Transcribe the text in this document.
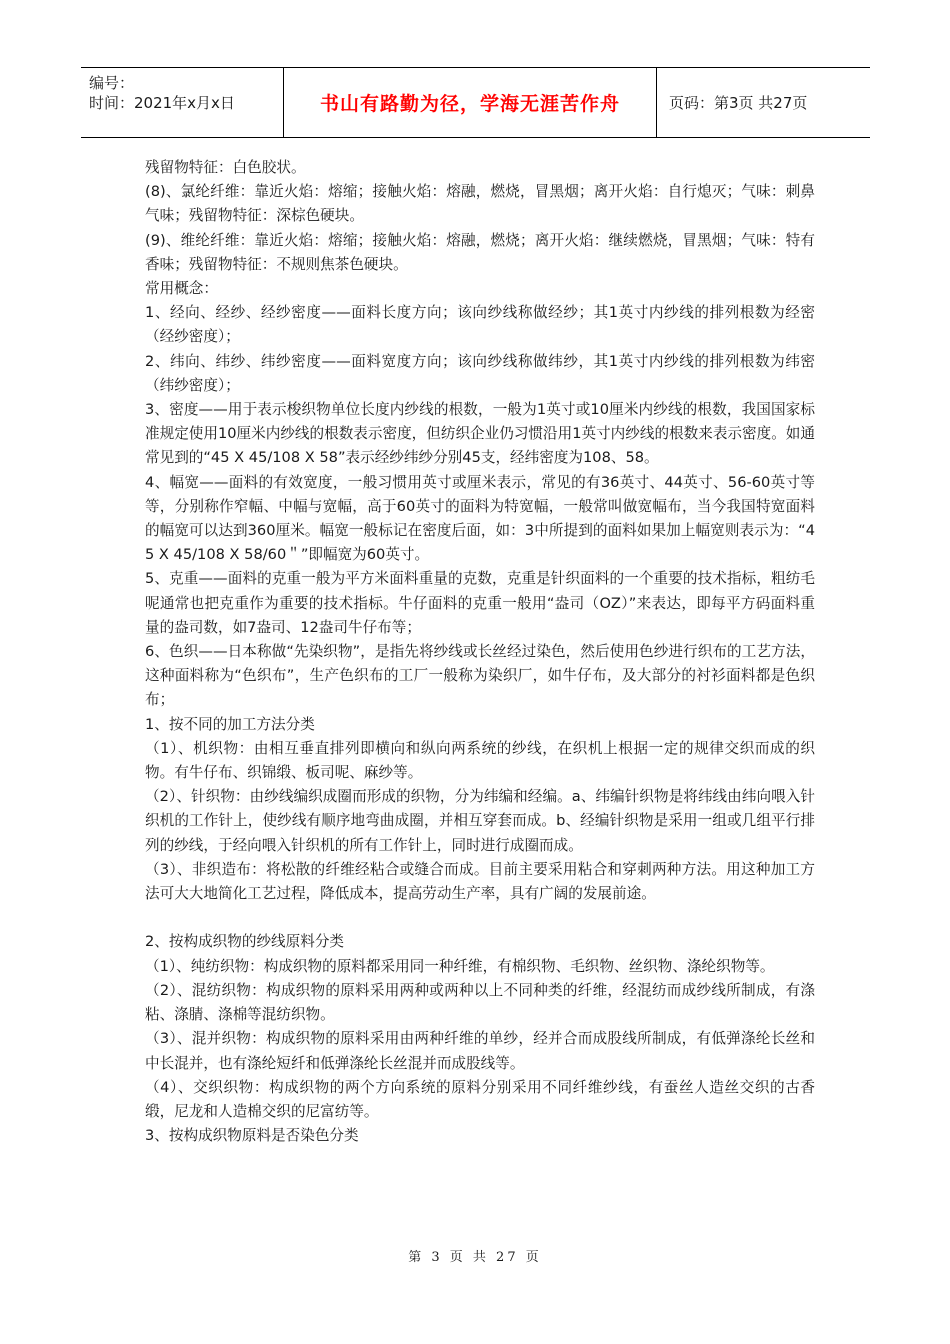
编号：
时间：2021年x月x日	书山有路勤为径，学海无涯苦作舟	页码：第3页 共27页

残留物特征：白色胶状。

(8)、氯纶纤维：靠近火焰：熔缩；接触火焰：熔融，燃烧，冒黑烟；离开火焰：自行熄灭；气味：刺鼻气味；残留物特征：深棕色硬块。

(9)、维纶纤维：靠近火焰：熔缩；接触火焰：熔融，燃烧；离开火焰：继续燃烧，冒黑烟；气味：特有香味；残留物特征：不规则焦茶色硬块。

常用概念：

1、经向、经纱、经纱密度——面料长度方向；该向纱线称做经纱；其1英寸内纱线的排列根数为经密（经纱密度）；

2、纬向、纬纱、纬纱密度——面料宽度方向；该向纱线称做纬纱，其1英寸内纱线的排列根数为纬密（纬纱密度）；

3、密度——用于表示梭织物单位长度内纱线的根数，一般为1英寸或10厘米内纱线的根数，我国国家标准规定使用10厘米内纱线的根数表示密度，但纺织企业仍习惯沿用1英寸内纱线的根数来表示密度。如通常见到的“45 X 45/108 X 58”表示经纱纬纱分别45支，经纬密度为108、58。

4、幅宽——面料的有效宽度，一般习惯用英寸或厘米表示，常见的有36英寸、44英寸、56-60英寸等等，分别称作窄幅、中幅与宽幅，高于60英寸的面料为特宽幅，一般常叫做宽幅布，当今我国特宽面料的幅宽可以达到360厘米。幅宽一般标记在密度后面，如：3中所提到的面料如果加上幅宽则表示为：“45 X 45/108 X 58/60＂”即幅宽为60英寸。

5、克重——面料的克重一般为平方米面料重量的克数，克重是针织面料的一个重要的技术指标，粗纺毛呢通常也把克重作为重要的技术指标。牛仔面料的克重一般用“盎司（OZ）”来表达，即每平方码面料重量的盎司数，如7盎司、12盎司牛仔布等；

6、色织——日本称做“先染织物”，是指先将纱线或长丝经过染色，然后使用色纱进行织布的工艺方法，这种面料称为“色织布”，生产色织布的工厂一般称为染织厂，如牛仔布，及大部分的衬衫面料都是色织布；

1、按不同的加工方法分类

（1）、机织物：由相互垂直排列即横向和纵向两系统的纱线，在织机上根据一定的规律交织而成的织物。有牛仔布、织锦缎、板司呢、麻纱等。

（2）、针织物：由纱线编织成圈而形成的织物，分为纬编和经编。a、纬编针织物是将纬线由纬向喂入针织机的工作针上，使纱线有顺序地弯曲成圈，并相互穿套而成。b、经编针织物是采用一组或几组平行排列的纱线，于经向喂入针织机的所有工作针上，同时进行成圈而成。

（3）、非织造布：将松散的纤维经粘合或缝合而成。目前主要采用粘合和穿刺两种方法。用这种加工方法可大大地简化工艺过程，降低成本，提高劳动生产率，具有广阔的发展前途。

2、按构成织物的纱线原料分类

（1）、纯纺织物：构成织物的原料都采用同一种纤维，有棉织物、毛织物、丝织物、涤纶织物等。

（2）、混纺织物：构成织物的原料采用两种或两种以上不同种类的纤维，经混纺而成纱线所制成，有涤粘、涤腈、涤棉等混纺织物。

（3）、混并织物：构成织物的原料采用由两种纤维的单纱，经并合而成股线所制成，有低弹涤纶长丝和中长混并，也有涤纶短纤和低弹涤纶长丝混并而成股线等。

（4）、交织织物：构成织物的两个方向系统的原料分别采用不同纤维纱线，有蚕丝人造丝交织的古香缎，尼龙和人造棉交织的尼富纺等。

3、按构成织物原料是否染色分类

第 3 页 共 27 页
